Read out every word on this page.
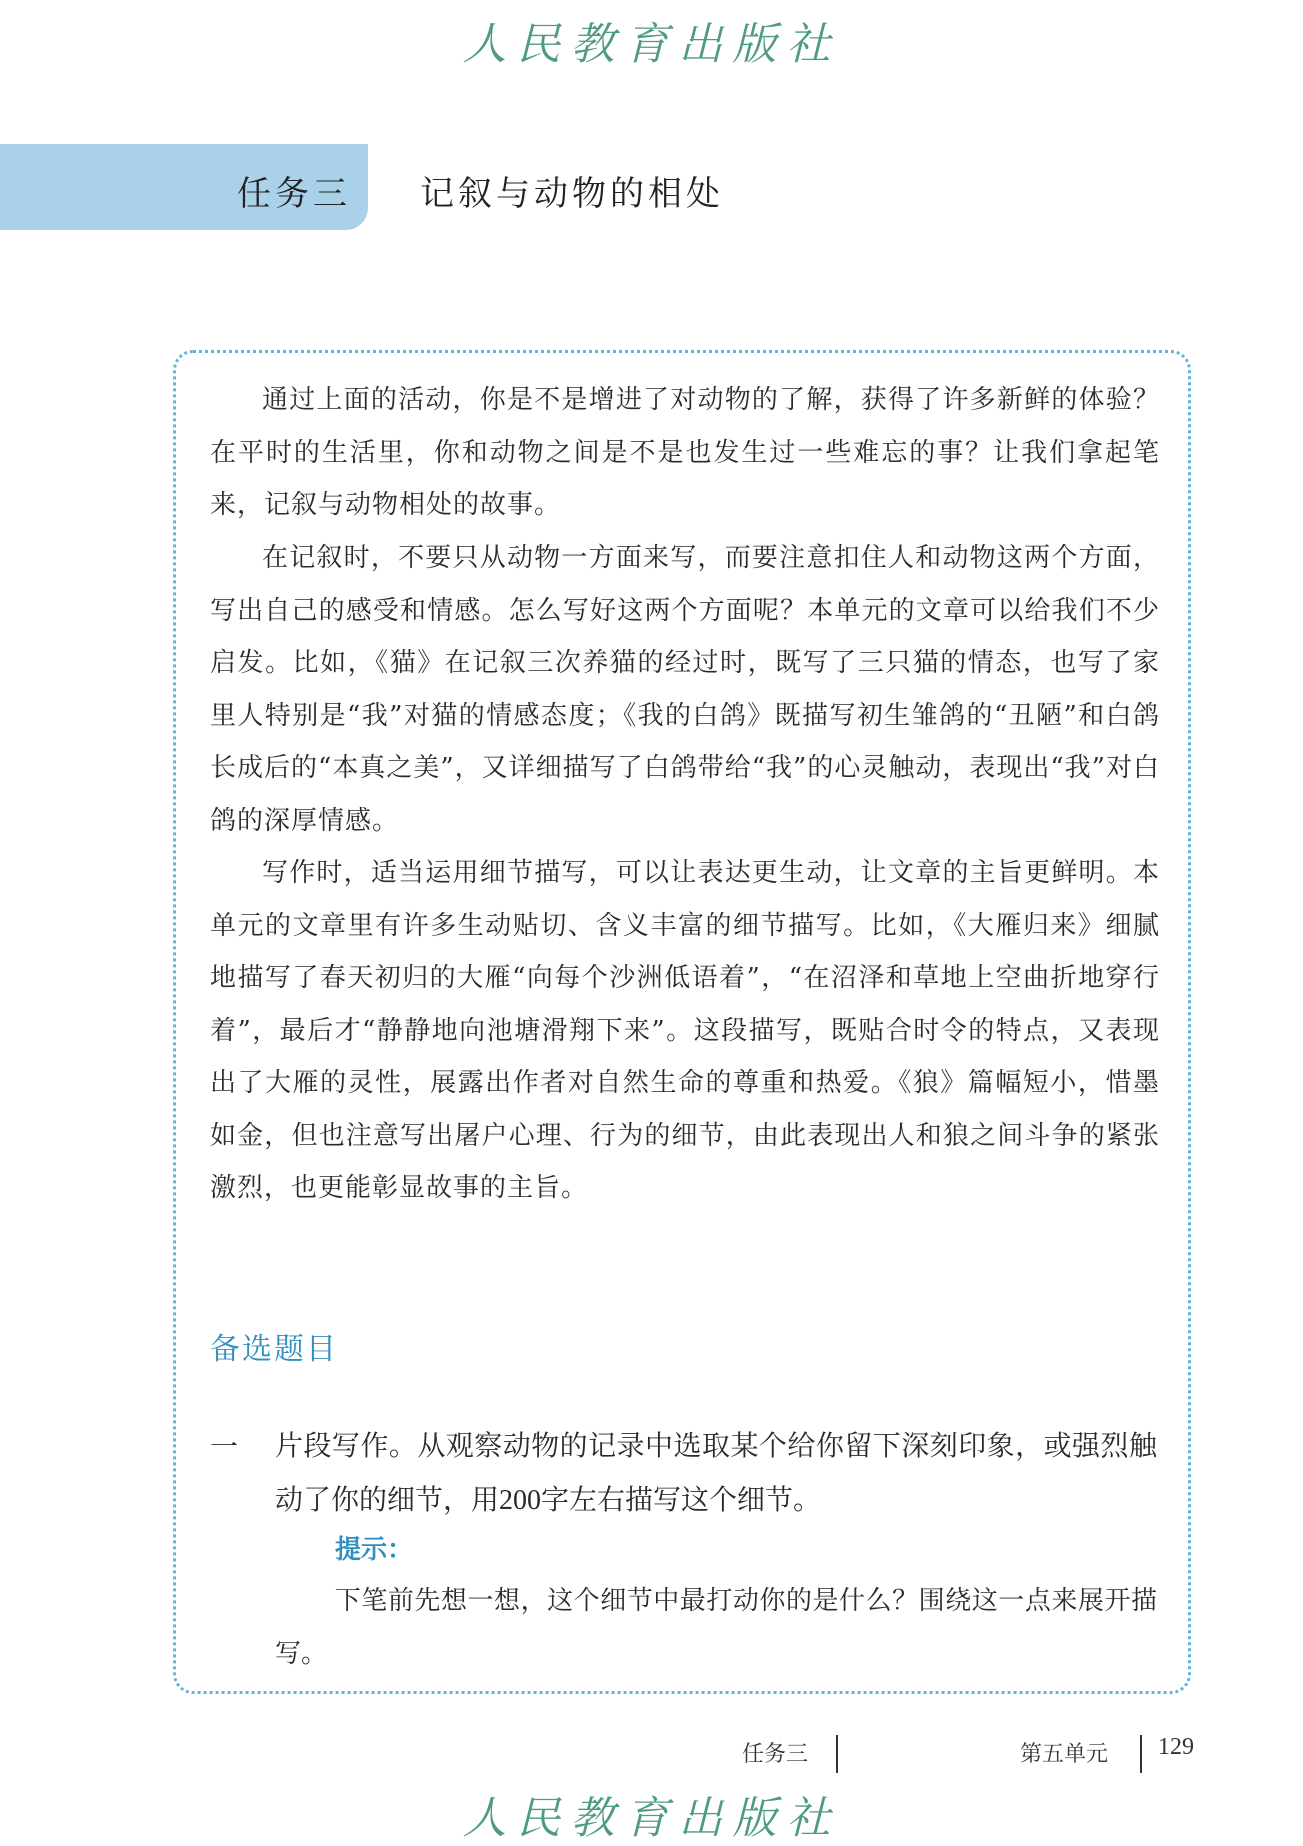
人民教育出版社
任务三 记叙与动物的相处
通过上面的活动，你是不是增进了对动物的了解，获得了许多新鲜的体验？在平时的生活里，你和动物之间是不是也发生过一些难忘的事？让我们拿起笔来，记叙与动物相处的故事。
在记叙时，不要只从动物一方面来写，而要注意扣住人和动物这两个方面，写出自己的感受和情感。怎么写好这两个方面呢？本单元的文章可以给我们不少启发。比如，《猫》在记叙三次养猫的经过时，既写了三只猫的情态，也写了家里人特别是“我”对猫的情感态度；《我的白鸽》既描写初生雏鸽的“丑陋”和白鸽长成后的“本真之美”，又详细描写了白鸽带给“我”的心灵触动，表现出“我”对白鸽的深厚情感。
写作时，适当运用细节描写，可以让表达更生动，让文章的主旨更鲜明。本单元的文章里有许多生动贴切、含义丰富的细节描写。比如，《大雁归来》细腻地描写了春天初归的大雁“向每个沙洲低语着”，“在沼泽和草地上空曲折地穿行着”，最后才“静静地向池塘滑翔下来”。这段描写，既贴合时令的特点，又表现出了大雁的灵性，展露出作者对自然生命的尊重和热爱。《狼》篇幅短小，惜墨如金，但也注意写出屠户心理、行为的细节，由此表现出人和狼之间斗争的紧张激烈，也更能彰显故事的主旨。
备选题目
一 片段写作。从观察动物的记录中选取某个给你留下深刻印象，或强烈触动了你的细节，用200字左右描写这个细节。
提示：
下笔前先想一想，这个细节中最打动你的是什么？围绕这一点来展开描写。
任务三	第五单元 129
人民教育出版社
